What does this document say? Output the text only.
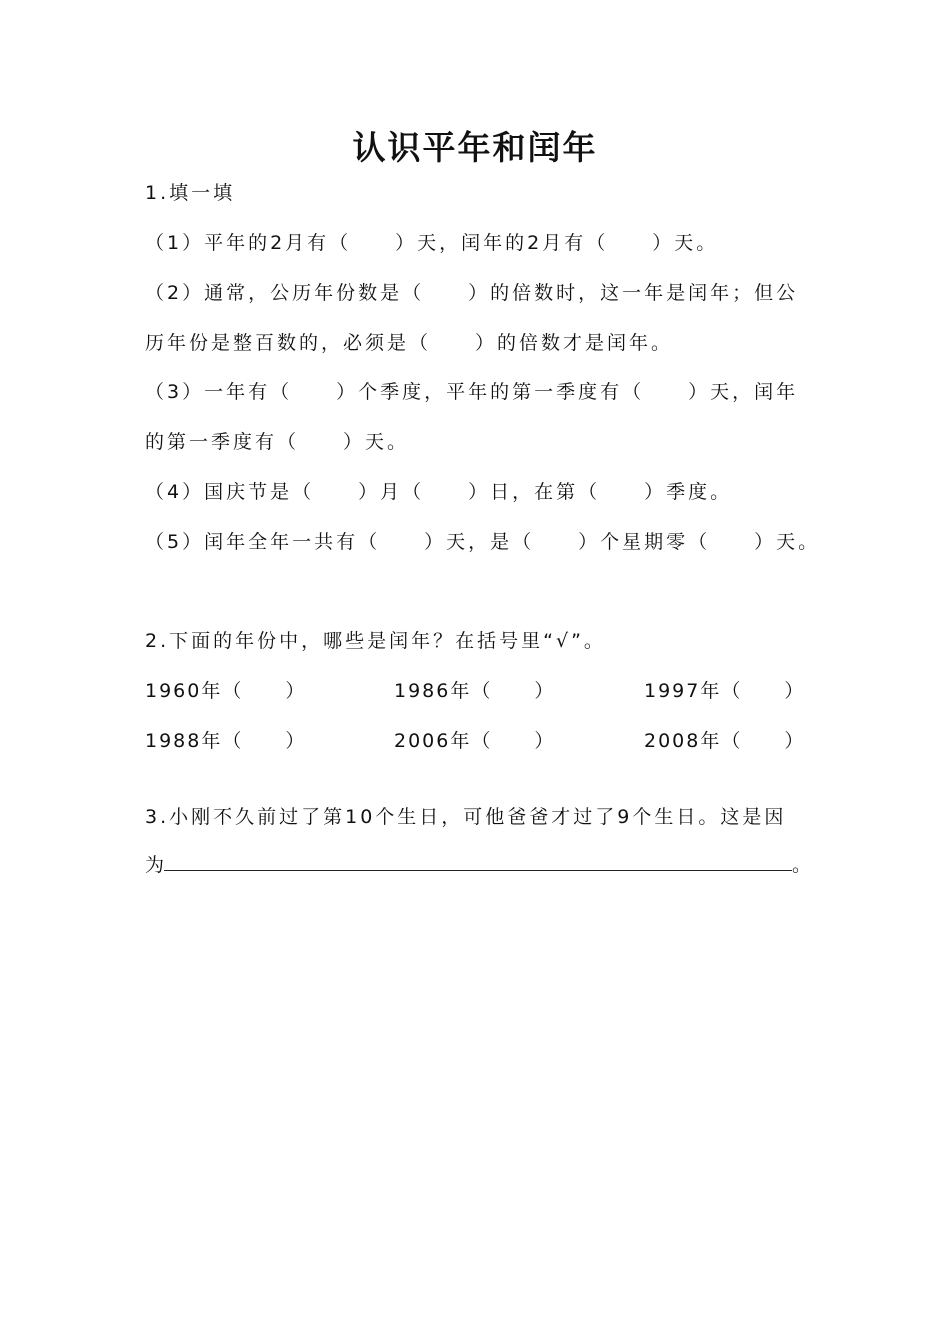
认识平年和闰年
1.填一填
（1）平年的2月有（　　）天，闰年的2月有（　　）天。
（2）通常，公历年份数是（　　）的倍数时，这一年是闰年；但公
历年份是整百数的，必须是（　　）的倍数才是闰年。
（3）一年有（　　）个季度，平年的第一季度有（　　）天，闰年
的第一季度有（　　）天。
（4）国庆节是（　　）月（　　）日，在第（　　）季度。
（5）闰年全年一共有（　　）天，是（　　）个星期零（　　）天。
2.下面的年份中，哪些是闰年？在括号里“√”。
1960年（　　）	1986年（　　）	1997年（　　）
1988年（　　）	2006年（　　）	2008年（　　）
3.小刚不久前过了第10个生日，可他爸爸才过了9个生日。这是因
为	。
